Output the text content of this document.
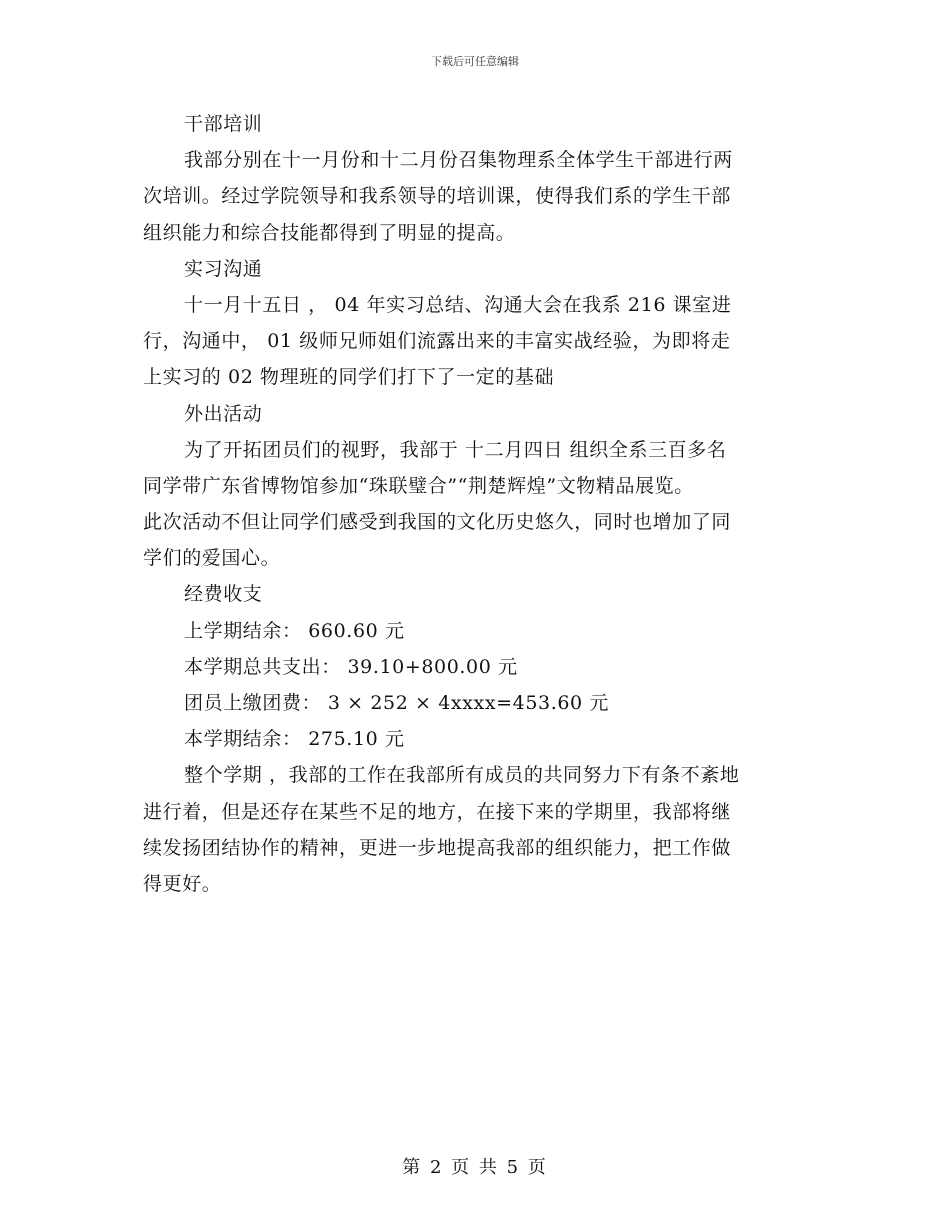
下载后可任意编辑
干部培训
我部分别在十一月份和十二月份召集物理系全体学生干部进行两
次培训。经过学院领导和我系领导的培训课，使得我们系的学生干部
组织能力和综合技能都得到了明显的提高。
实习沟通
十一月十五日 ， 04 年实习总结、沟通大会在我系 216 课室进
行，沟通中， 01 级师兄师姐们流露出来的丰富实战经验，为即将走
上实习的 02 物理班的同学们打下了一定的基础
外出活动
为了开拓团员们的视野，我部于 十二月四日 组织全系三百多名
同学带广东省博物馆参加“珠联璧合”“荆楚辉煌”文物精品展览。
此次活动不但让同学们感受到我国的文化历史悠久，同时也增加了同
学们的爱国心。
经费收支
上学期结余： 660.60 元
本学期总共支出： 39.10+800.00 元
团员上缴团费： 3 × 252 × 4xxxx=453.60 元
本学期结余： 275.10 元
整个学期 ，我部的工作在我部所有成员的共同努力下有条不紊地
进行着，但是还存在某些不足的地方，在接下来的学期里，我部将继
续发扬团结协作的精神，更进一步地提高我部的组织能力，把工作做
得更好。
第 2 页 共 5 页
